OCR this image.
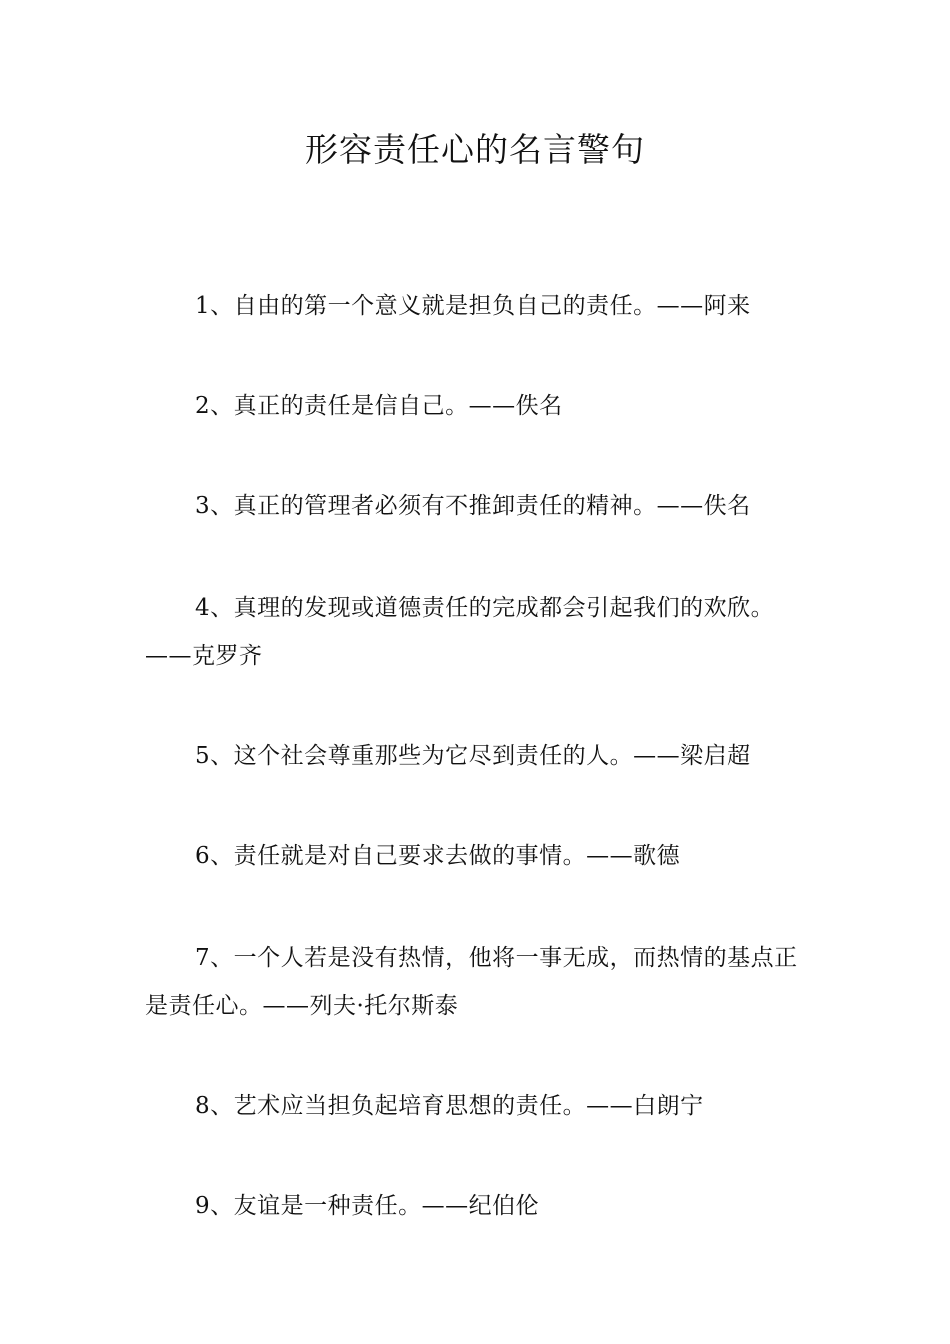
形容责任心的名言警句

1、自由的第一个意义就是担负自己的责任。——阿来

2、真正的责任是信自己。——佚名

3、真正的管理者必须有不推卸责任的精神。——佚名

4、真理的发现或道德责任的完成都会引起我们的欢欣。——克罗齐

5、这个社会尊重那些为它尽到责任的人。——梁启超

6、责任就是对自己要求去做的事情。——歌德

7、一个人若是没有热情，他将一事无成，而热情的基点正是责任心。——列夫·托尔斯泰

8、艺术应当担负起培育思想的责任。——白朗宁

9、友谊是一种责任。——纪伯伦
